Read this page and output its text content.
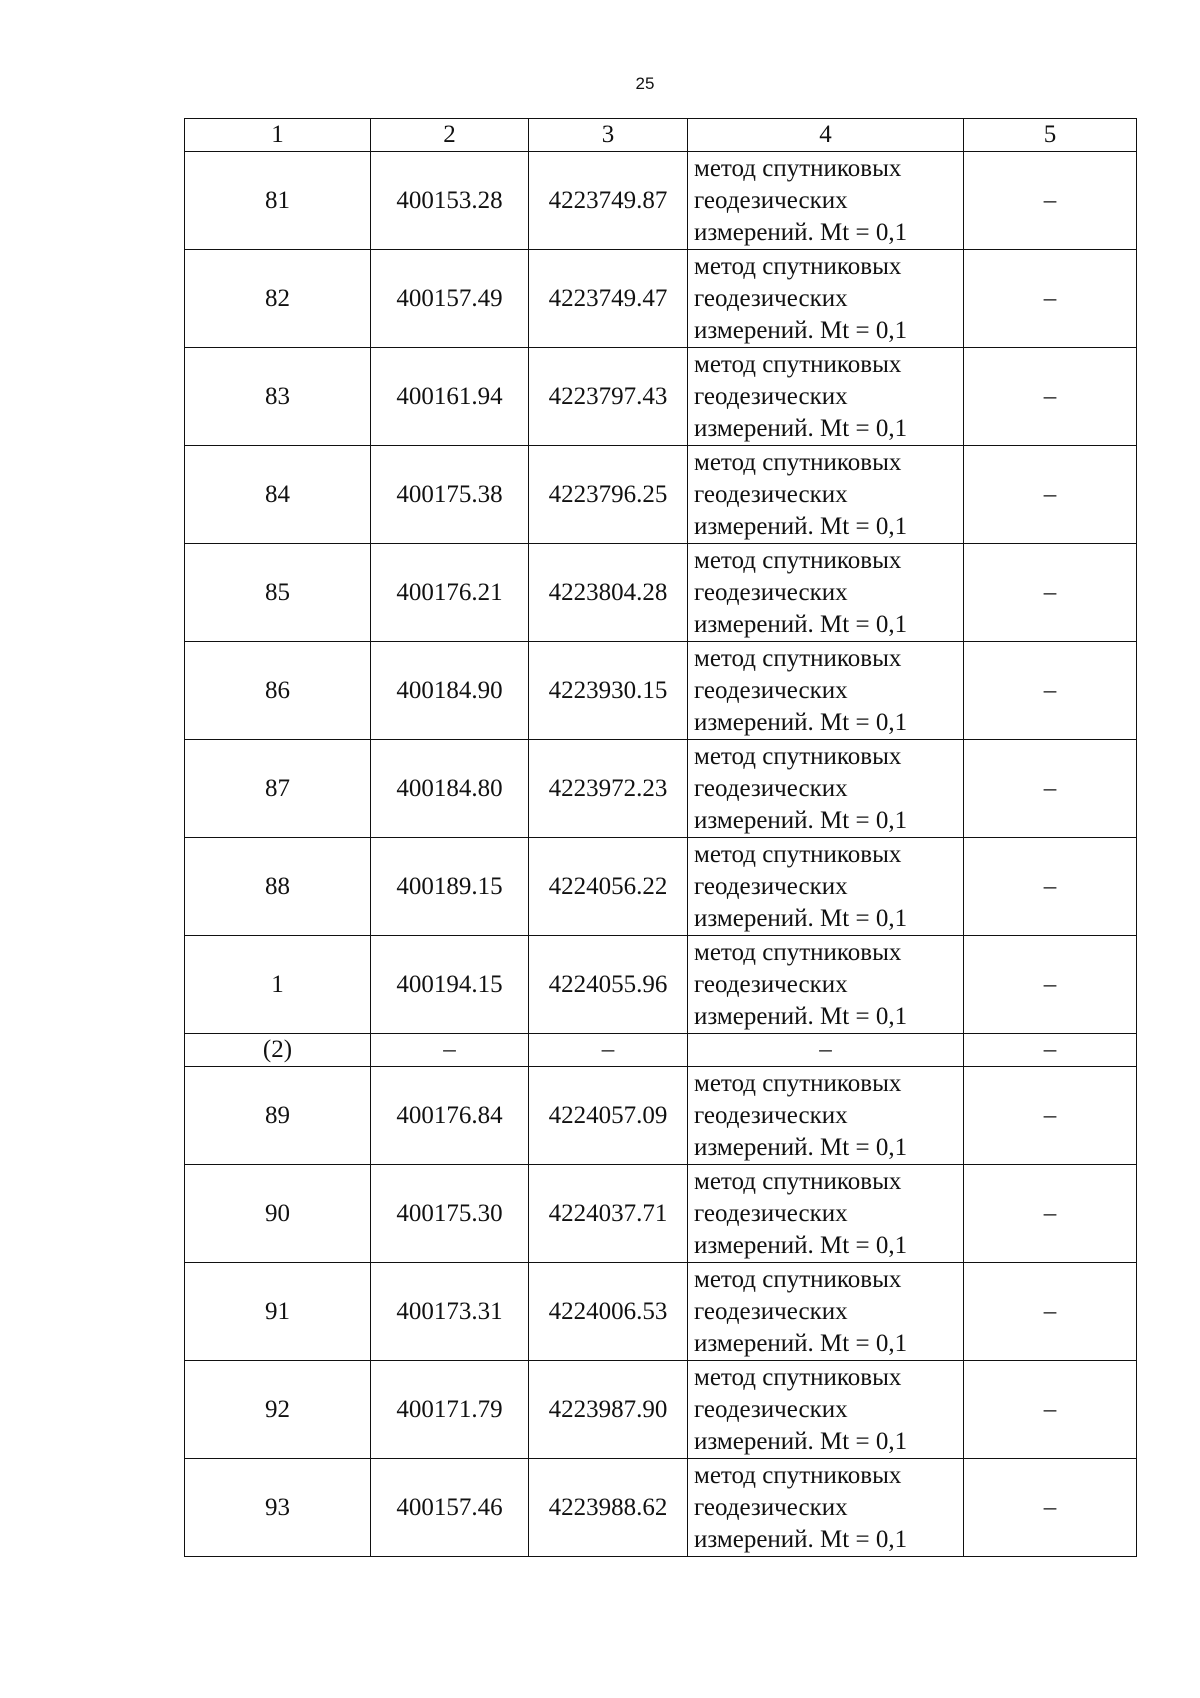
25
1	2	3	4	5
81	400153.28	4223749.87	метод спутниковых геодезических измерений. Mt = 0,1	–
82	400157.49	4223749.47	метод спутниковых геодезических измерений. Mt = 0,1	–
83	400161.94	4223797.43	метод спутниковых геодезических измерений. Mt = 0,1	–
84	400175.38	4223796.25	метод спутниковых геодезических измерений. Mt = 0,1	–
85	400176.21	4223804.28	метод спутниковых геодезических измерений. Mt = 0,1	–
86	400184.90	4223930.15	метод спутниковых геодезических измерений. Mt = 0,1	–
87	400184.80	4223972.23	метод спутниковых геодезических измерений. Mt = 0,1	–
88	400189.15	4224056.22	метод спутниковых геодезических измерений. Mt = 0,1	–
1	400194.15	4224055.96	метод спутниковых геодезических измерений. Mt = 0,1	–
(2)	–	–	–	–
89	400176.84	4224057.09	метод спутниковых геодезических измерений. Mt = 0,1	–
90	400175.30	4224037.71	метод спутниковых геодезических измерений. Mt = 0,1	–
91	400173.31	4224006.53	метод спутниковых геодезических измерений. Mt = 0,1	–
92	400171.79	4223987.90	метод спутниковых геодезических измерений. Mt = 0,1	–
93	400157.46	4223988.62	метод спутниковых геодезических измерений. Mt = 0,1	–
